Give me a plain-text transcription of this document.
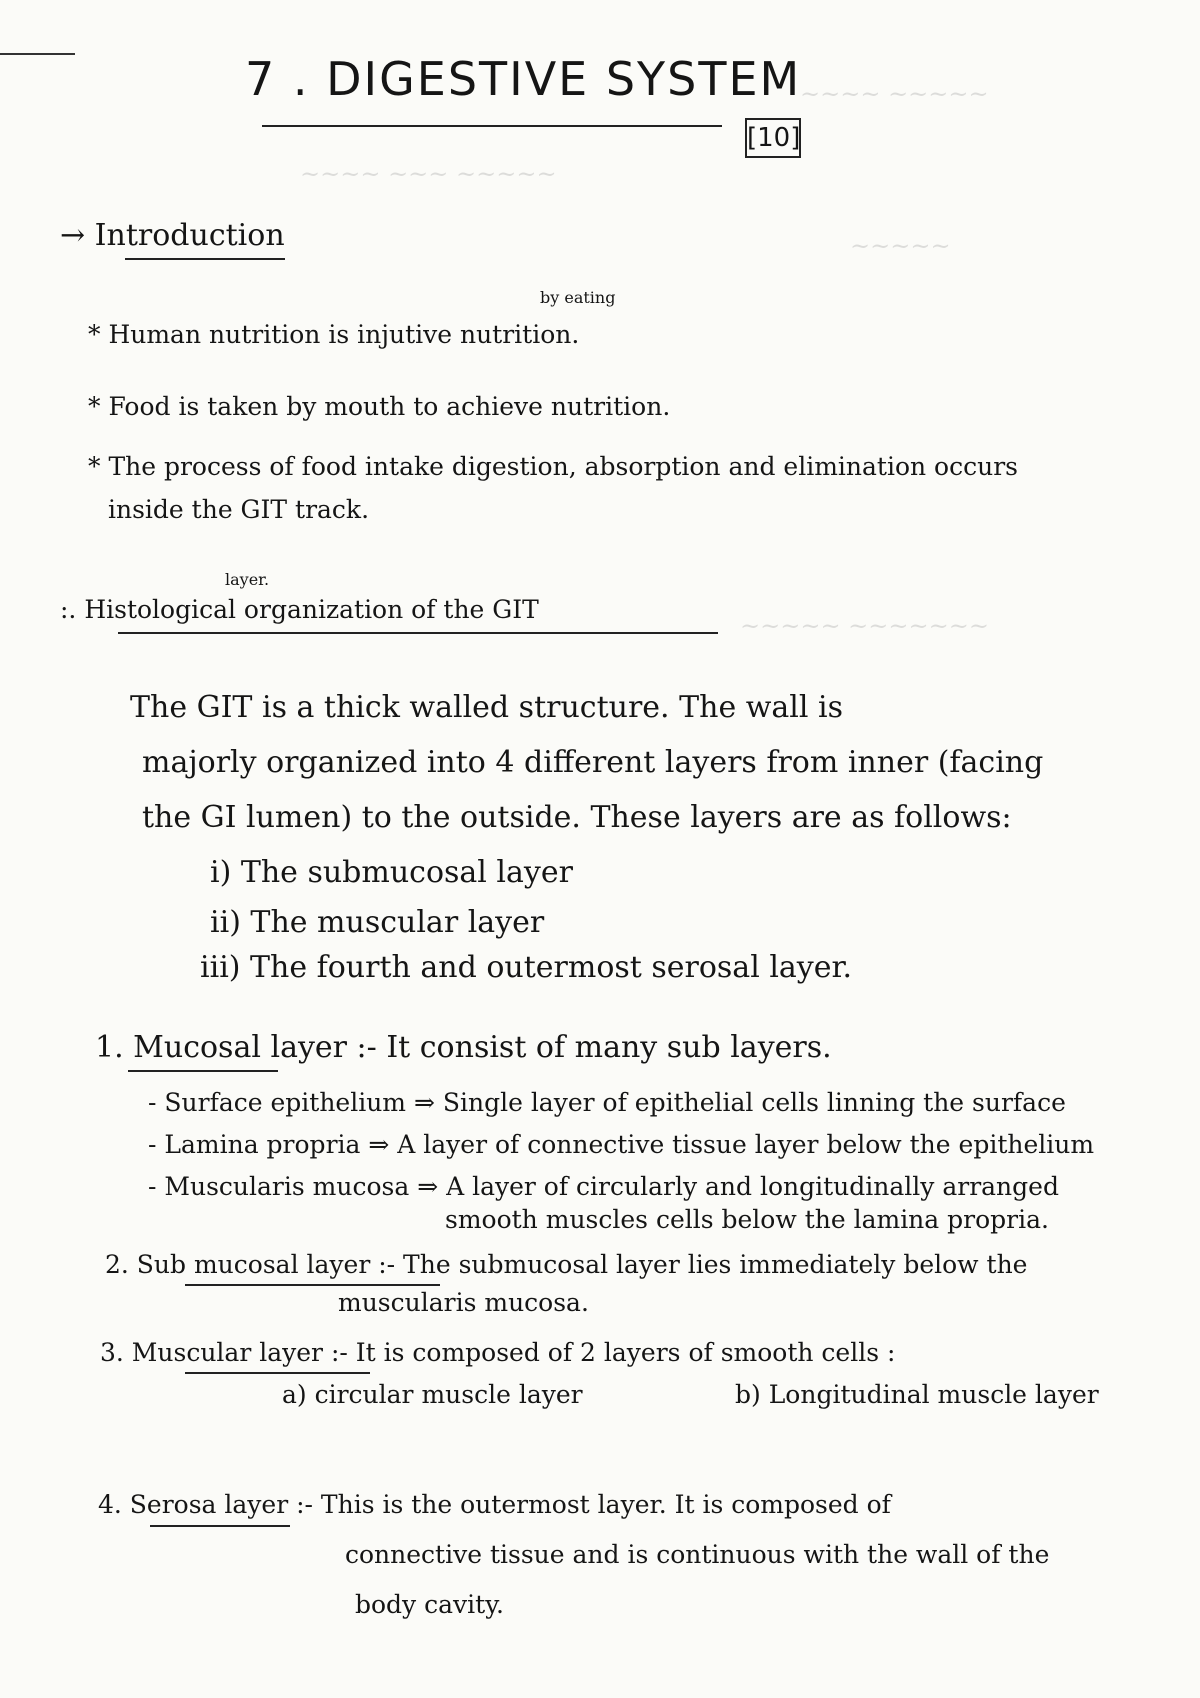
~~~~ ~~~~~
~~~~ ~~~ ~~~~~
~~~~~
~~~~~ ~~~~~~~
7 . DIGESTIVE SYSTEM
[10]
→ Introduction
by eating
* Human nutrition is injutive nutrition.
* Food is taken by mouth to achieve nutrition.
* The process of food intake digestion, absorption and elimination occurs
inside the GIT track.
layer.
:. Histological organization of the GIT
The GIT is a thick walled structure. The wall is
majorly organized into 4 different layers from inner (facing
the GI lumen) to the outside. These layers are as follows:
i) The submucosal layer
ii) The muscular layer
iii) The fourth and outermost serosal layer.
1. Mucosal layer :- It consist of many sub layers.
- Surface epithelium ⇒ Single layer of epithelial cells linning the surface
- Lamina propria ⇒ A layer of connective tissue layer below the epithelium
- Muscularis mucosa ⇒ A layer of circularly and longitudinally arranged
smooth muscles cells below the lamina propria.
2. Sub mucosal layer :- The submucosal layer lies immediately below the
muscularis mucosa.
3. Muscular layer :- It is composed of 2 layers of smooth cells :
a) circular muscle layer	b) Longitudinal muscle layer
4. Serosa layer :- This is the outermost layer. It is composed of
connective tissue and is continuous with the wall of the
body cavity.
